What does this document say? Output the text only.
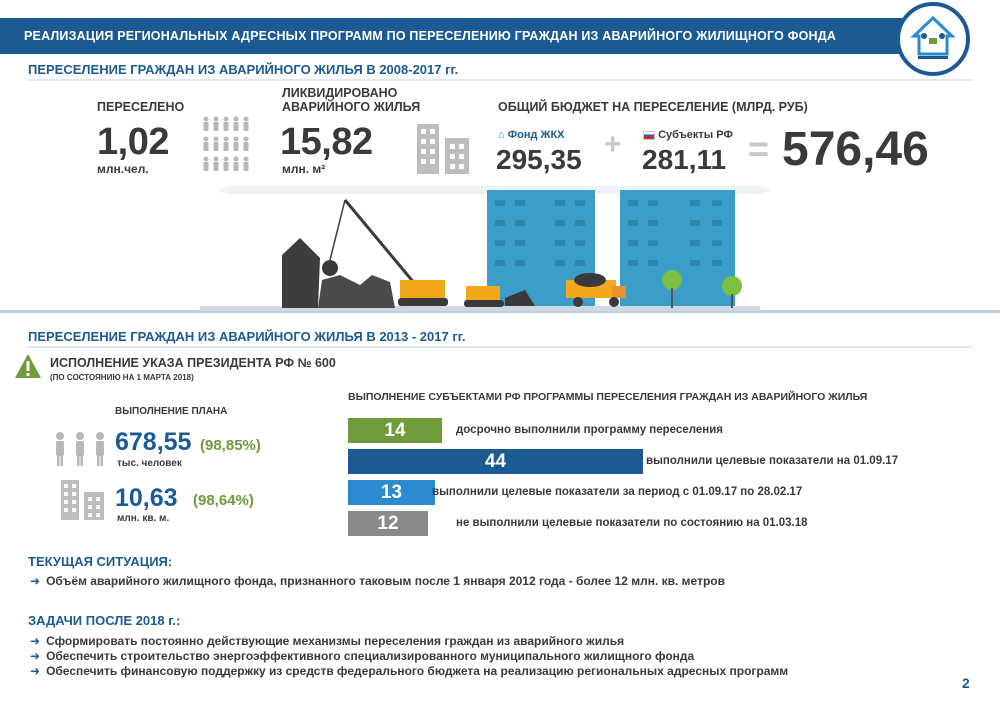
РЕАЛИЗАЦИЯ РЕГИОНАЛЬНЫХ АДРЕСНЫХ ПРОГРАММ ПО ПЕРЕСЕЛЕНИЮ ГРАЖДАН ИЗ АВАРИЙНОГО ЖИЛИЩНОГО ФОНДА
ПЕРЕСЕЛЕНИЕ ГРАЖДАН ИЗ АВАРИЙНОГО ЖИЛЬЯ В 2008-2017 гг.
ПЕРЕСЕЛЕНО
1,02
млн.чел.
ЛИКВИДИРОВАНО
АВАРИЙНОГО ЖИЛЬЯ
15,82
млн. м²
ОБЩИЙ БЮДЖЕТ НА ПЕРЕСЕЛЕНИЕ (МЛРД. РУБ)
⌂ Фонд ЖКХ
295,35 +	Субъекты РФ
281,11 = 576,46
ПЕРЕСЕЛЕНИЕ ГРАЖДАН ИЗ АВАРИЙНОГО ЖИЛЬЯ В 2013 - 2017 гг.
ИСПОЛНЕНИЕ УКАЗА ПРЕЗИДЕНТА РФ № 600
(ПО СОСТОЯНИЮ НА 1 МАРТА 2018)
ВЫПОЛНЕНИЕ ПЛАНА
678,55 (98,85%)
тыс. человек
10,63 (98,64%)
млн. кв. м.
ВЫПОЛНЕНИЕ СУБЪЕКТАМИ РФ ПРОГРАММЫ ПЕРЕСЕЛЕНИЯ ГРАЖДАН ИЗ АВАРИЙНОГО ЖИЛЬЯ
14	досрочно выполнили программу переселения
44	выполнили целевые показатели на 01.09.17
13	выполнили целевые показатели за период с 01.09.17 по 28.02.17
12	не выполнили целевые показатели по состоянию на 01.03.18
ТЕКУЩАЯ СИТУАЦИЯ:
➜ Объём аварийного жилищного фонда, признанного таковым после 1 января 2012 года - более 12 млн. кв. метров
ЗАДАЧИ ПОСЛЕ 2018 г.:
➜ Сформировать постоянно действующие механизмы переселения граждан из аварийного жилья
➜ Обеспечить строительство энергоэффективного специализированного муниципального жилищного фонда
➜ Обеспечить финансовую поддержку из средств федерального бюджета на реализацию региональных адресных программ
2
